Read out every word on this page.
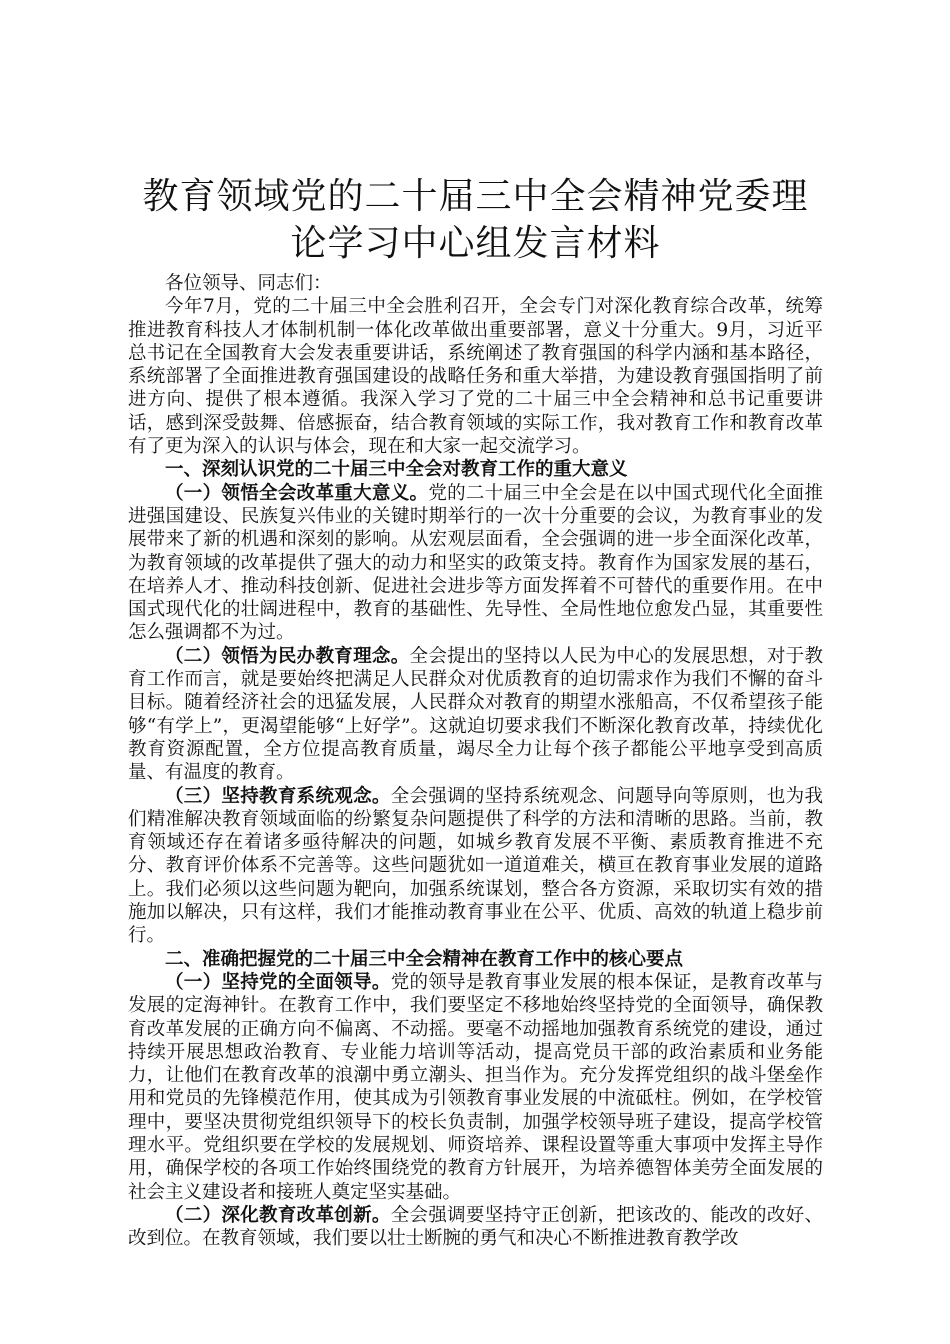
教育领域党的二十届三中全会精神党委理论学习中心组发言材料

各位领导、同志们：

今年7月，党的二十届三中全会胜利召开，全会专门对深化教育综合改革，统筹推进教育科技人才体制机制一体化改革做出重要部署，意义十分重大。9月，习近平总书记在全国教育大会发表重要讲话，系统阐述了教育强国的科学内涵和基本路径，系统部署了全面推进教育强国建设的战略任务和重大举措，为建设教育强国指明了前进方向、提供了根本遵循。我深入学习了党的二十届三中全会精神和总书记重要讲话，感到深受鼓舞、倍感振奋，结合教育领域的实际工作，我对教育工作和教育改革有了更为深入的认识与体会，现在和大家一起交流学习。

一、深刻认识党的二十届三中全会对教育工作的重大意义

（一）领悟全会改革重大意义。党的二十届三中全会是在以中国式现代化全面推进强国建设、民族复兴伟业的关键时期举行的一次十分重要的会议，为教育事业的发展带来了新的机遇和深刻的影响。从宏观层面看，全会强调的进一步全面深化改革，为教育领域的改革提供了强大的动力和坚实的政策支持。教育作为国家发展的基石，在培养人才、推动科技创新、促进社会进步等方面发挥着不可替代的重要作用。在中国式现代化的壮阔进程中，教育的基础性、先导性、全局性地位愈发凸显，其重要性怎么强调都不为过。

（二）领悟为民办教育理念。全会提出的坚持以人民为中心的发展思想，对于教育工作而言，就是要始终把满足人民群众对优质教育的迫切需求作为我们不懈的奋斗目标。随着经济社会的迅猛发展，人民群众对教育的期望水涨船高，不仅希望孩子能够“有学上”，更渴望能够“上好学”。这就迫切要求我们不断深化教育改革，持续优化教育资源配置，全方位提高教育质量，竭尽全力让每个孩子都能公平地享受到高质量、有温度的教育。

（三）坚持教育系统观念。全会强调的坚持系统观念、问题导向等原则，也为我们精准解决教育领域面临的纷繁复杂问题提供了科学的方法和清晰的思路。当前，教育领域还存在着诸多亟待解决的问题，如城乡教育发展不平衡、素质教育推进不充分、教育评价体系不完善等。这些问题犹如一道道难关，横亘在教育事业发展的道路上。我们必须以这些问题为靶向，加强系统谋划，整合各方资源，采取切实有效的措施加以解决，只有这样，我们才能推动教育事业在公平、优质、高效的轨道上稳步前行。

二、准确把握党的二十届三中全会精神在教育工作中的核心要点

（一）坚持党的全面领导。党的领导是教育事业发展的根本保证，是教育改革与发展的定海神针。在教育工作中，我们要坚定不移地始终坚持党的全面领导，确保教育改革发展的正确方向不偏离、不动摇。要毫不动摇地加强教育系统党的建设，通过持续开展思想政治教育、专业能力培训等活动，提高党员干部的政治素质和业务能力，让他们在教育改革的浪潮中勇立潮头、担当作为。充分发挥党组织的战斗堡垒作用和党员的先锋模范作用，使其成为引领教育事业发展的中流砥柱。例如，在学校管理中，要坚决贯彻党组织领导下的校长负责制，加强学校领导班子建设，提高学校管理水平。党组织要在学校的发展规划、师资培养、课程设置等重大事项中发挥主导作用，确保学校的各项工作始终围绕党的教育方针展开，为培养德智体美劳全面发展的社会主义建设者和接班人奠定坚实基础。

（二）深化教育改革创新。全会强调要坚持守正创新，把该改的、能改的改好、改到位。在教育领域，我们要以壮士断腕的勇气和决心不断推进教育教学改
